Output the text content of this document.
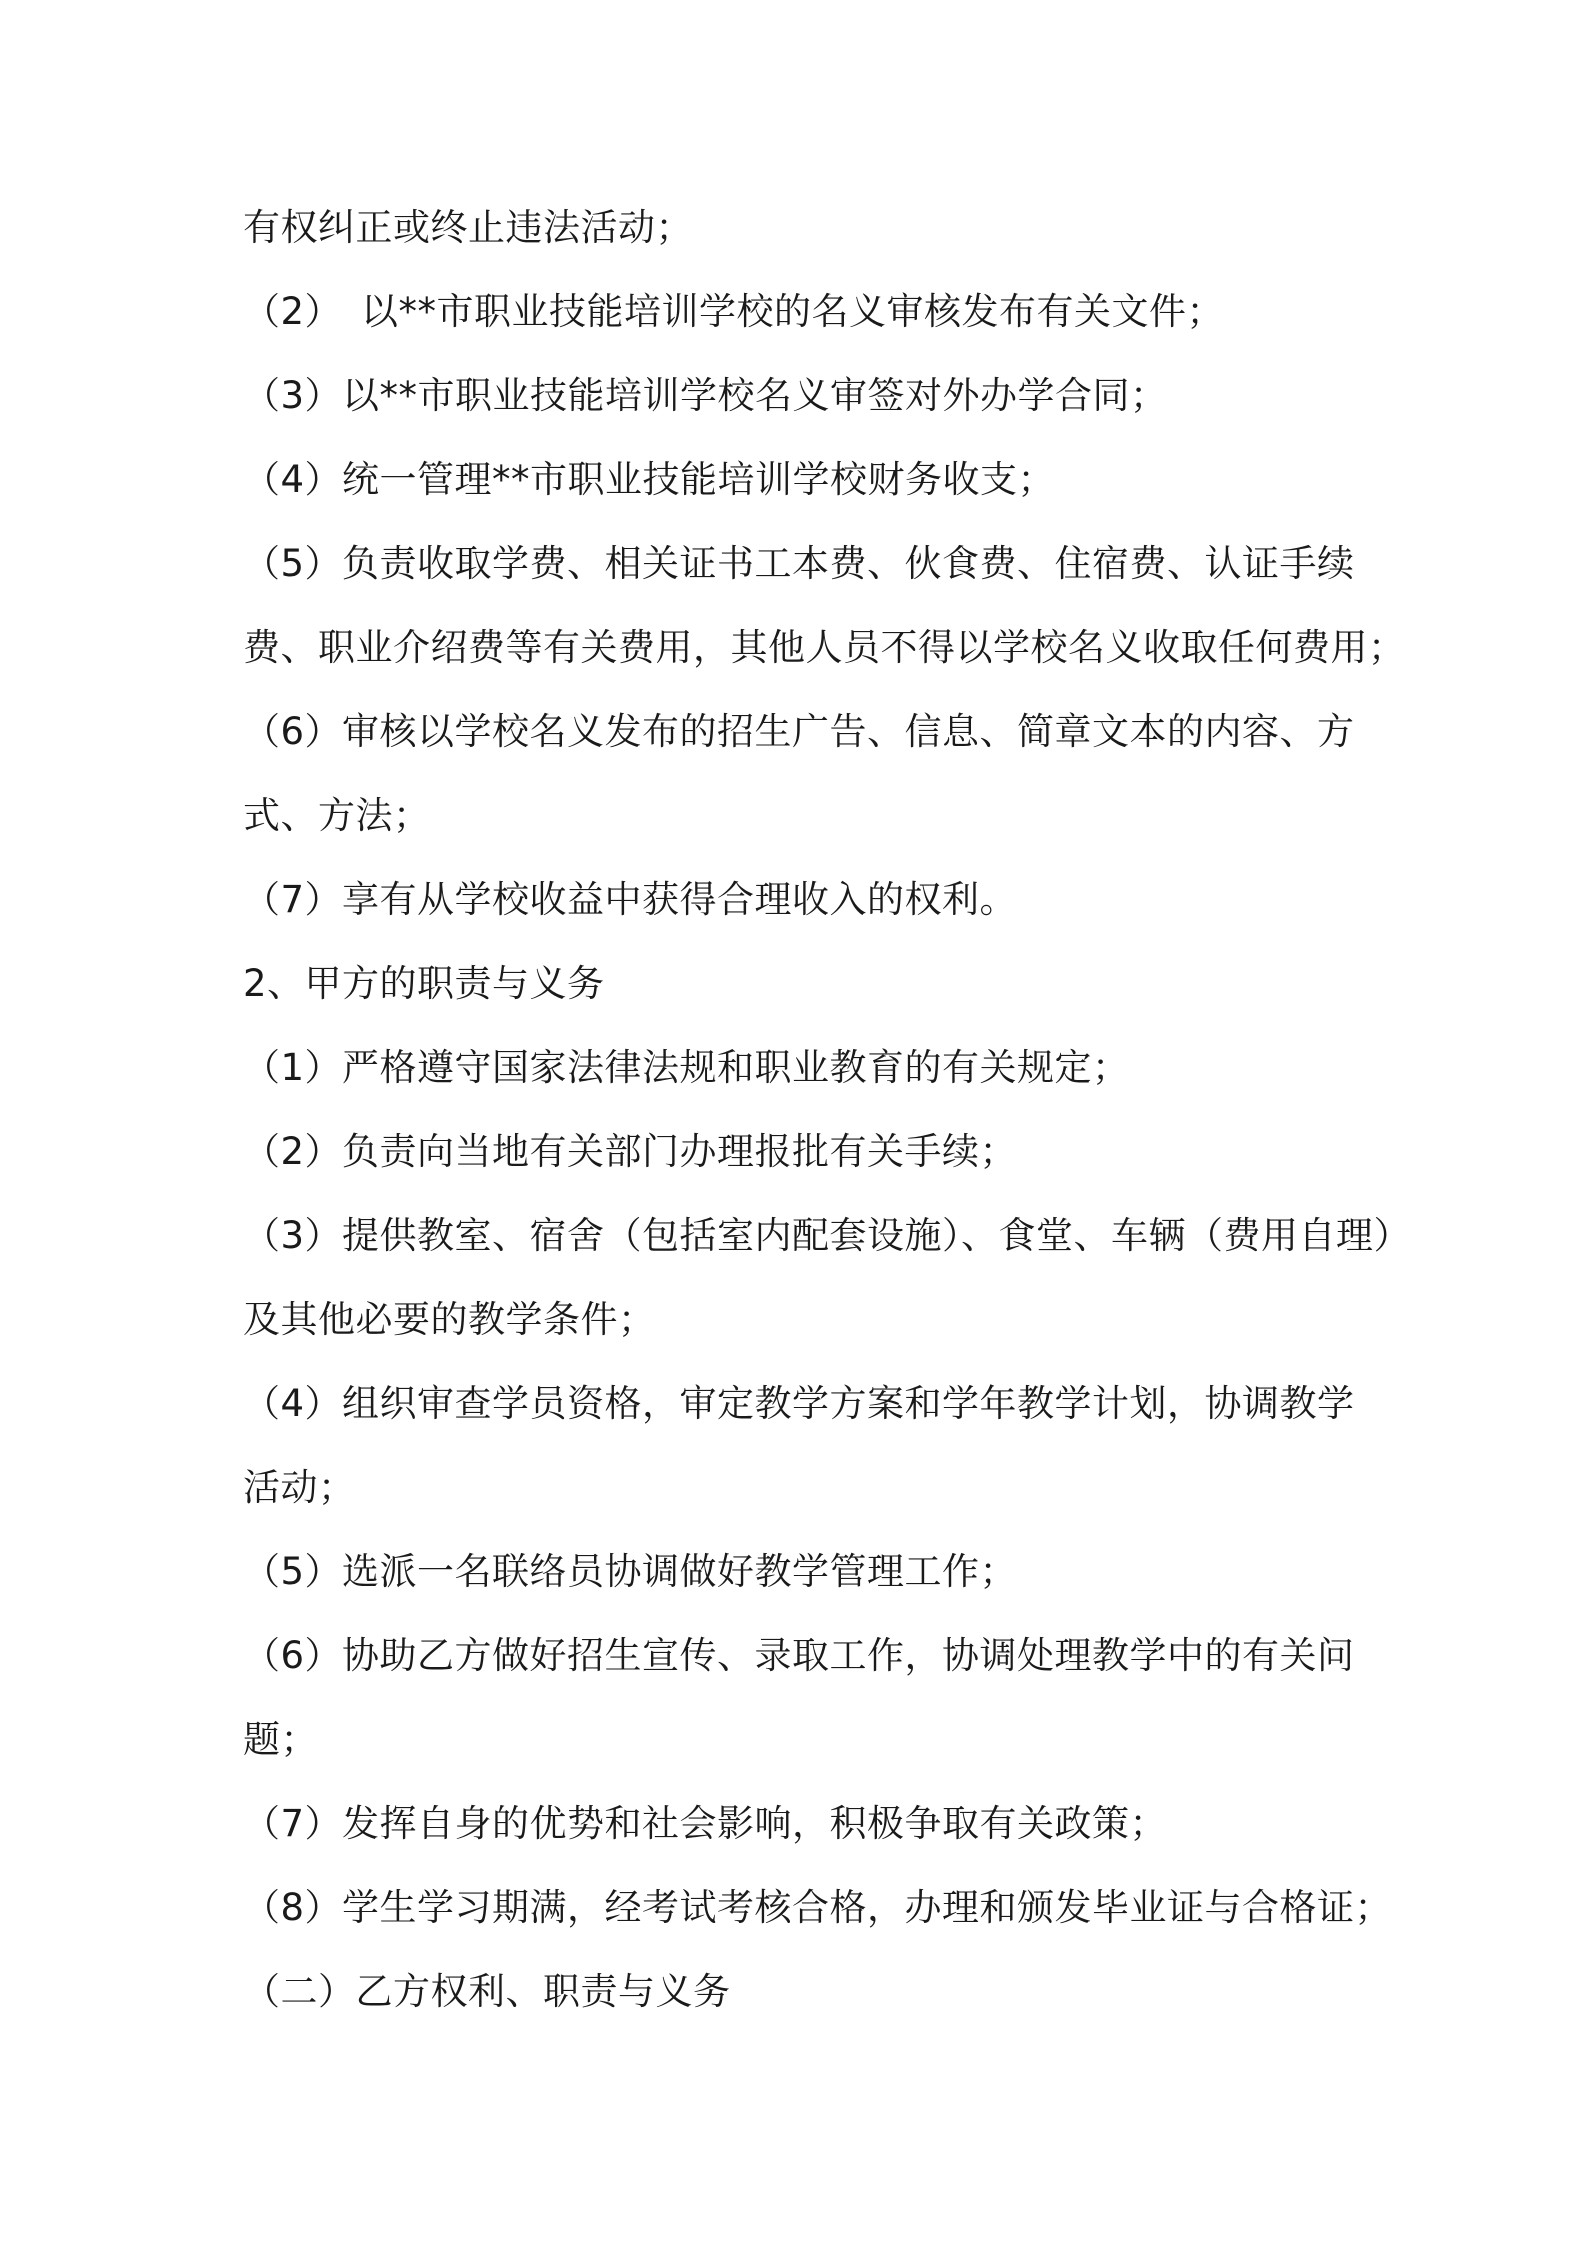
有权纠正或终止违法活动；
（2）　以**市职业技能培训学校的名义审核发布有关文件；
（3）以**市职业技能培训学校名义审签对外办学合同；
（4）统一管理**市职业技能培训学校财务收支；
（5）负责收取学费、相关证书工本费、伙食费、住宿费、认证手续
费、职业介绍费等有关费用，其他人员不得以学校名义收取任何费用；
（6）审核以学校名义发布的招生广告、信息、简章文本的内容、方
式、方法；
（7）享有从学校收益中获得合理收入的权利。
2、甲方的职责与义务
（1）严格遵守国家法律法规和职业教育的有关规定；
（2）负责向当地有关部门办理报批有关手续；
（3）提供教室、宿舍（包括室内配套设施）、食堂、车辆（费用自理）
及其他必要的教学条件；
（4）组织审查学员资格，审定教学方案和学年教学计划，协调教学
活动；
（5）选派一名联络员协调做好教学管理工作；
（6）协助乙方做好招生宣传、录取工作，协调处理教学中的有关问
题；
（7）发挥自身的优势和社会影响，积极争取有关政策；
（8）学生学习期满，经考试考核合格，办理和颁发毕业证与合格证；
（二）乙方权利、职责与义务
